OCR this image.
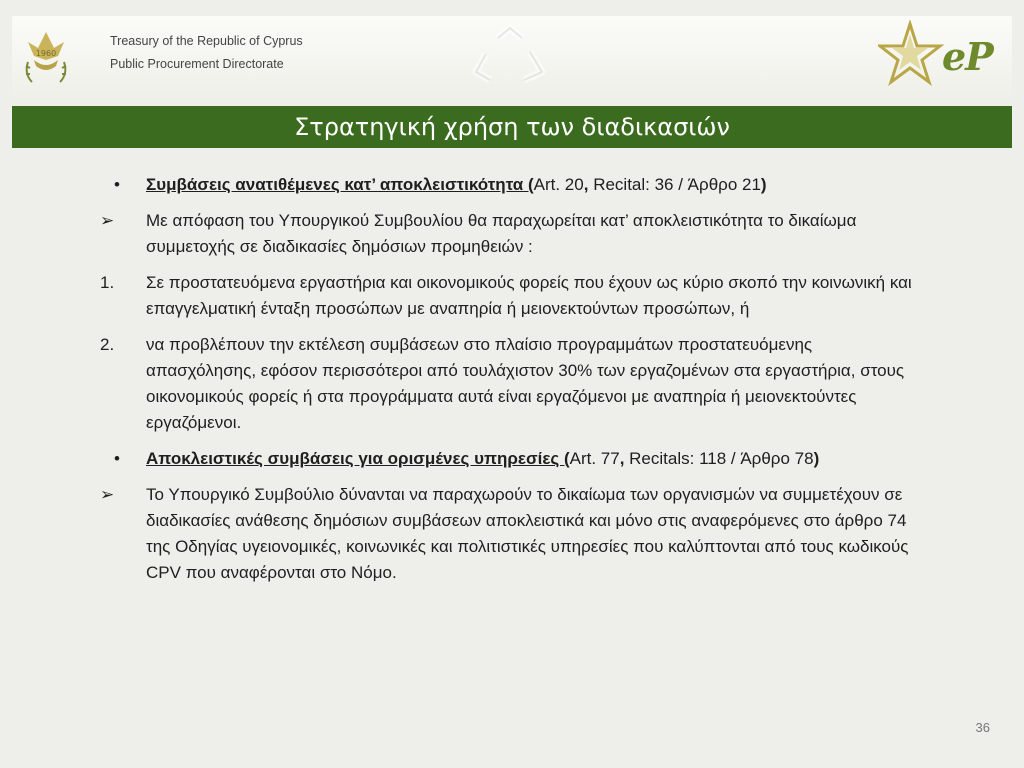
1960
Treasury of the Republic of Cyprus
Public Procurement Directorate	eP
Στρατηγική χρήση των διαδικασιών
•	Συμβάσεις ανατιθέμενες κατ’ αποκλειστικότητα (Art. 20, Recital: 36 / Άρθρο 21)
➢	Με απόφαση του Υπουργικού Συμβουλίου θα παραχωρείται κατ’ αποκλειστικότητα το δικαίωμα συμμετοχής σε διαδικασίες δημόσιων προμηθειών :
1.	Σε προστατευόμενα εργαστήρια και οικονομικούς φορείς που έχουν ως κύριο σκοπό την κοινωνική και επαγγελματική ένταξη προσώπων με αναπηρία ή μειονεκτούντων προσώπων, ή
2.	να προβλέπουν την εκτέλεση συμβάσεων στο πλαίσιο προγραμμάτων προστατευόμενης απασχόλησης, εφόσον περισσότεροι από τουλάχιστον 30% των εργαζομένων στα εργαστήρια, στους οικονομικούς φορείς ή στα προγράμματα αυτά είναι εργαζόμενοι με αναπηρία ή μειονεκτούντες εργαζόμενοι.
•	Αποκλειστικές συμβάσεις για ορισμένες υπηρεσίες (Art. 77, Recitals: 118 / Άρθρο 78)
➢	Το Υπουργικό Συμβούλιο δύνανται να παραχωρούν το δικαίωμα των οργανισμών να συμμετέχουν σε διαδικασίες ανάθεσης δημόσιων συμβάσεων αποκλειστικά και μόνο στις αναφερόμενες στο άρθρο 74 της Οδηγίας υγειονομικές, κοινωνικές και πολιτιστικές υπηρεσίες που καλύπτονται από τους κωδικούς CPV που αναφέρονται στο Νόμο.
36
